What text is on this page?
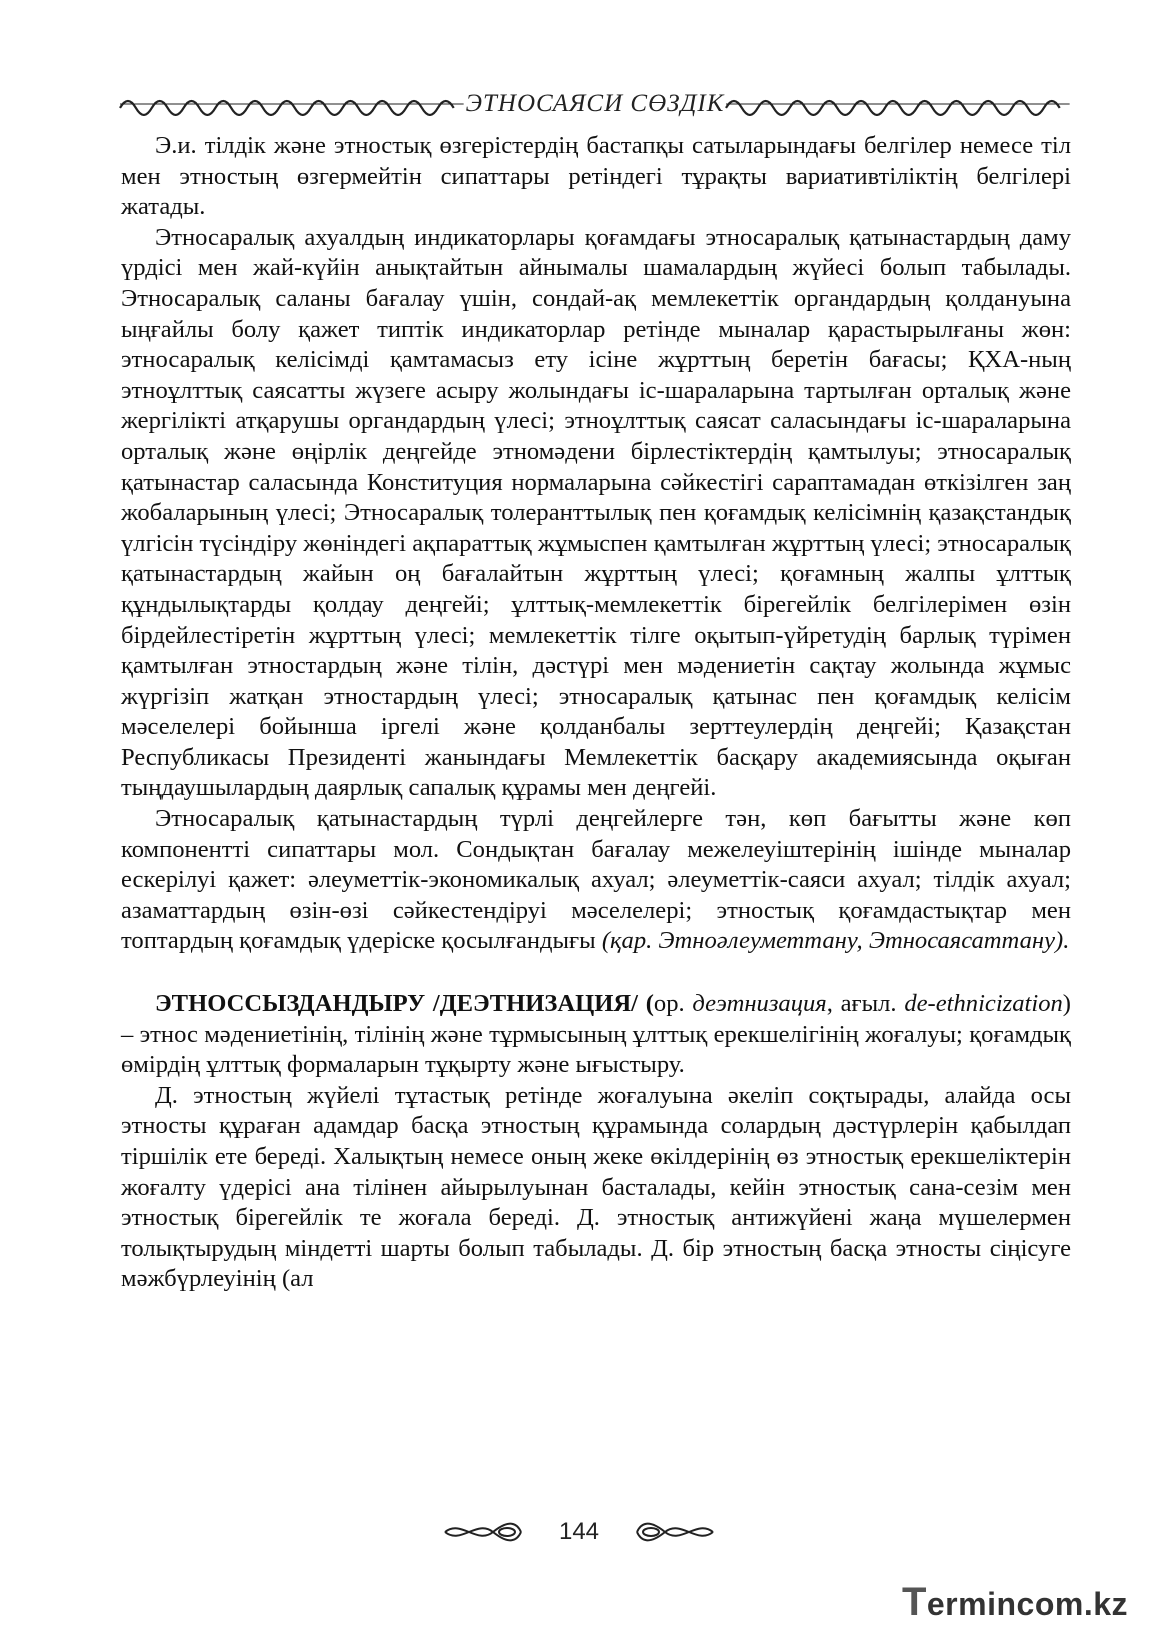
ЭТНОСАЯСИ СӨЗДІК

Э.и. тілдік және этностық өзгерістердің бастапқы сатыларындағы белгілер немесе тіл мен этностың өзгермейтін сипаттары ретіндегі тұрақты вариативтіліктің белгілері жатады.

Этносаралық ахуалдың индикаторлары қоғамдағы этносаралық қатынастардың даму үрдісі мен жай-күйін анықтайтын айнымалы шамалардың жүйесі болып табылады. Этносаралық саланы бағалау үшін, сондай-ақ мемлекеттік органдардың қолдануына ыңғайлы болу қажет типтік индикаторлар ретінде мыналар қарастырылғаны жөн: этносаралық келісімді қамтамасыз ету ісіне жұрттың беретін бағасы; ҚХА-ның этноұлттық саясатты жүзеге асыру жолындағы іс-шараларына тартылған орталық және жергілікті атқарушы органдардың үлесі; этноұлттық саясат саласындағы іс-шараларына орталық және өңірлік деңгейде этномәдени бірлестіктердің қамтылуы; этносаралық қатынастар саласында Конституция нормаларына сәйкестігі сараптамадан өткізілген заң жобаларының үлесі; Этносаралық толеранттылық пен қоғамдық келісімнің қазақстандық үлгісін түсіндіру жөніндегі ақпараттық жұмыспен қамтылған жұрттың үлесі; этносаралық қатынастардың жайын оң бағалайтын жұрттың үлесі; қоғамның жалпы ұлттық құндылықтарды қолдау деңгейі; ұлттық-мемлекеттік бірегейлік белгілерімен өзін бірдейлестіретін жұрттың үлесі; мемлекеттік тілге оқытып-үйретудің барлық түрімен қамтылған этностардың және тілін, дәстүрі мен мәдениетін сақтау жолында жұмыс жүргізіп жатқан этностардың үлесі; этносаралық қатынас пен қоғамдық келісім мәселелері бойынша іргелі және қолданбалы зерттеулердің деңгейі; Қазақстан Республикасы Президенті жанындағы Мемлекеттік басқару академиясында оқыған тыңдаушылардың даярлық сапалық құрамы мен деңгейі.

Этносаралық қатынастардың түрлі деңгейлерге тән, көп бағытты және көп компонентті сипаттары мол. Сондықтан бағалау межелеуіштерінің ішінде мыналар ескерілуі қажет: әлеуметтік-экономикалық ахуал; әлеуметтік-саяси ахуал; тілдік ахуал; азаматтардың өзін-өзі сәйкестендіруі мәселелері; этностық қоғамдастықтар мен топтардың қоғамдық үдеріске қосылғандығы (қар. Этноәлеуметтану, Этносаясаттану).

ЭТНОССЫЗДАНДЫРУ /ДЕЭТНИЗАЦИЯ/ (ор. деэтнизация, ағыл. de-ethnicization) – этнос мәдениетінің, тілінің және тұрмысының ұлттық ерекшелігінің жоғалуы; қоғамдық өмірдің ұлттық формаларын тұқырту және ығыстыру.

Д. этностың жүйелі тұтастық ретінде жоғалуына әкеліп соқтырады, алайда осы этносты құраған адамдар басқа этностың құрамында солардың дәстүрлерін қабылдап тіршілік ете береді. Халықтың немесе оның жеке өкілдерінің өз этностық ерекшеліктерін жоғалту үдерісі ана тілінен айырылуынан басталады, кейін этностық сана-сезім мен этностық бірегейлік те жоғала береді. Д. этностық антижүйені жаңа мүшелермен толықтырудың міндетті шарты болып табылады. Д. бір этностың басқа этносты сіңісуге мәжбүрлеуінің (ал

144
Termincom.kz
